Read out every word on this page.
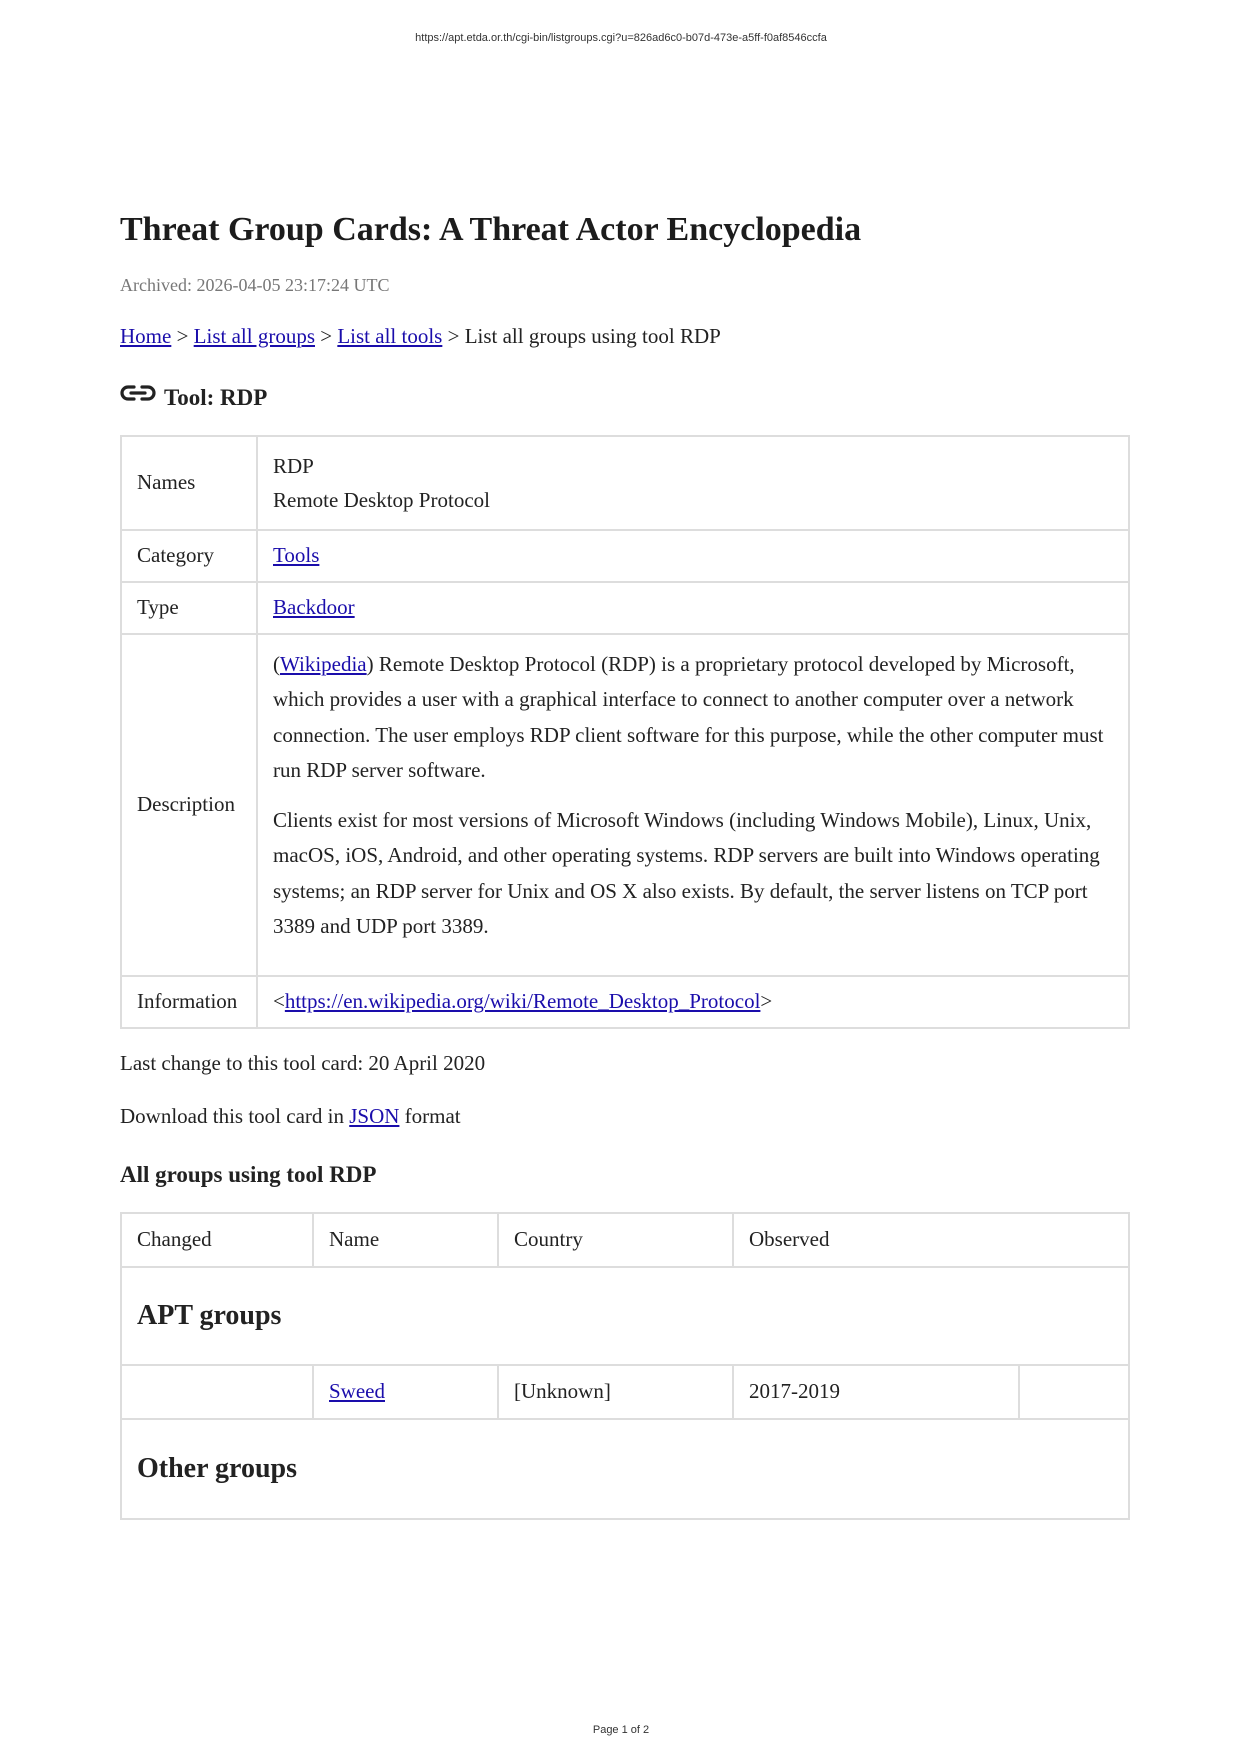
https://apt.etda.or.th/cgi-bin/listgroups.cgi?u=826ad6c0-b07d-473e-a5ff-f0af8546ccfa
Threat Group Cards: A Threat Actor Encyclopedia
Archived: 2026-04-05 23:17:24 UTC
Home > List all groups > List all tools > List all groups using tool RDP
Tool: RDP
Names	RDP
Remote Desktop Protocol

Category	Tools
Type	Backdoor
Description	(Wikipedia) Remote Desktop Protocol (RDP) is a proprietary protocol developed by Microsoft, which provides a user with a graphical interface to connect to another computer over a network connection. The user employs RDP client software for this purpose, while the other computer must run RDP server software.

Clients exist for most versions of Microsoft Windows (including Windows Mobile), Linux, Unix, macOS, iOS, Android, and other operating systems. RDP servers are built into Windows operating systems; an RDP server for Unix and OS X also exists. By default, the server listens on TCP port 3389 and UDP port 3389.

Information	<https://en.wikipedia.org/wiki/Remote_Desktop_Protocol>
Last change to this tool card: 20 April 2020
Download this tool card in JSON format
All groups using tool RDP
Changed	Name	Country	Observed	
APT groups				
	Sweed	[Unknown]	2017-2019	
Other groups				
Page 1 of 2
